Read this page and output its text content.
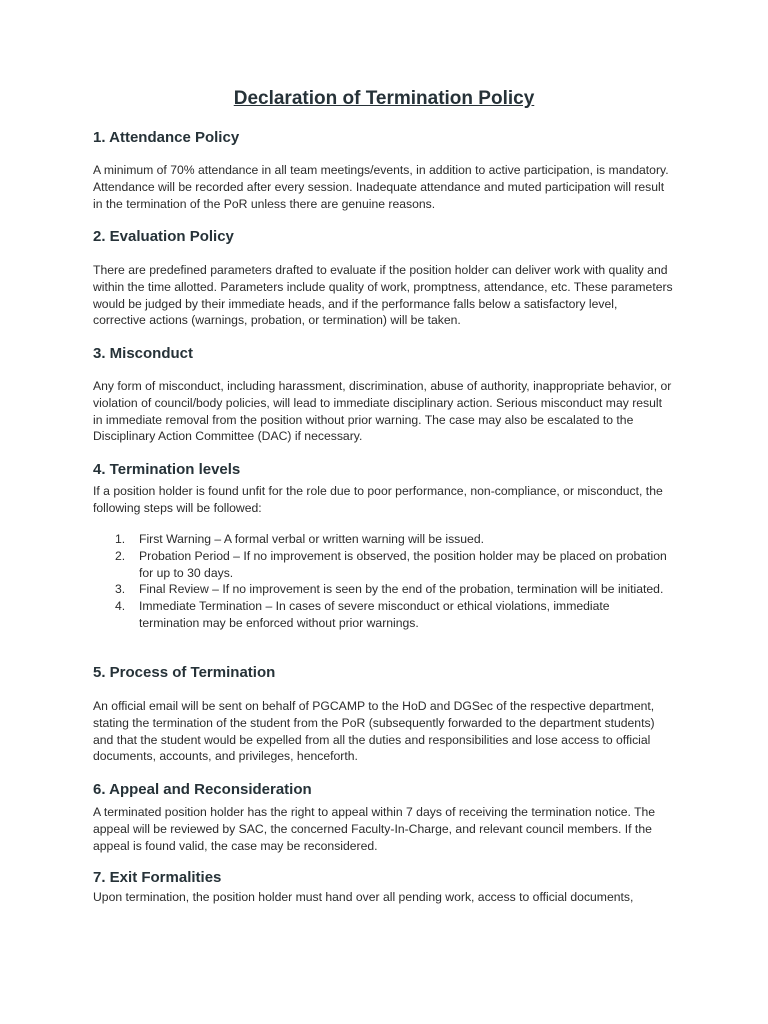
Declaration of Termination Policy
1. Attendance Policy

A minimum of 70% attendance in all team meetings/events, in addition to active participation, is mandatory. Attendance will be recorded after every session. Inadequate attendance and muted participation will result in the termination of the PoR unless there are genuine reasons.

2. Evaluation Policy

There are predefined parameters drafted to evaluate if the position holder can deliver work with quality and within the time allotted. Parameters include quality of work, promptness, attendance, etc. These parameters would be judged by their immediate heads, and if the performance falls below a satisfactory level, corrective actions (warnings, probation, or termination) will be taken.

3. Misconduct

Any form of misconduct, including harassment, discrimination, abuse of authority, inappropriate behavior, or violation of council/body policies, will lead to immediate disciplinary action. Serious misconduct may result in immediate removal from the position without prior warning. The case may also be escalated to the Disciplinary Action Committee (DAC) if necessary.

4. Termination levels

If a position holder is found unfit for the role due to poor performance, non-compliance, or misconduct, the following steps will be followed:

1. First Warning – A formal verbal or written warning will be issued.
2. Probation Period – If no improvement is observed, the position holder may be placed on probation for up to 30 days.
3. Final Review – If no improvement is seen by the end of the probation, termination will be initiated.
4. Immediate Termination – In cases of severe misconduct or ethical violations, immediate termination may be enforced without prior warnings.
5. Process of Termination

An official email will be sent on behalf of PGCAMP to the HoD and DGSec of the respective department, stating the termination of the student from the PoR (subsequently forwarded to the department students) and that the student would be expelled from all the duties and responsibilities and lose access to official documents, accounts, and privileges, henceforth.

6. Appeal and Reconsideration

A terminated position holder has the right to appeal within 7 days of receiving the termination notice. The appeal will be reviewed by SAC, the concerned Faculty-In-Charge, and relevant council members. If the appeal is found valid, the case may be reconsidered.

7. Exit Formalities

Upon termination, the position holder must hand over all pending work, access to official documents,
